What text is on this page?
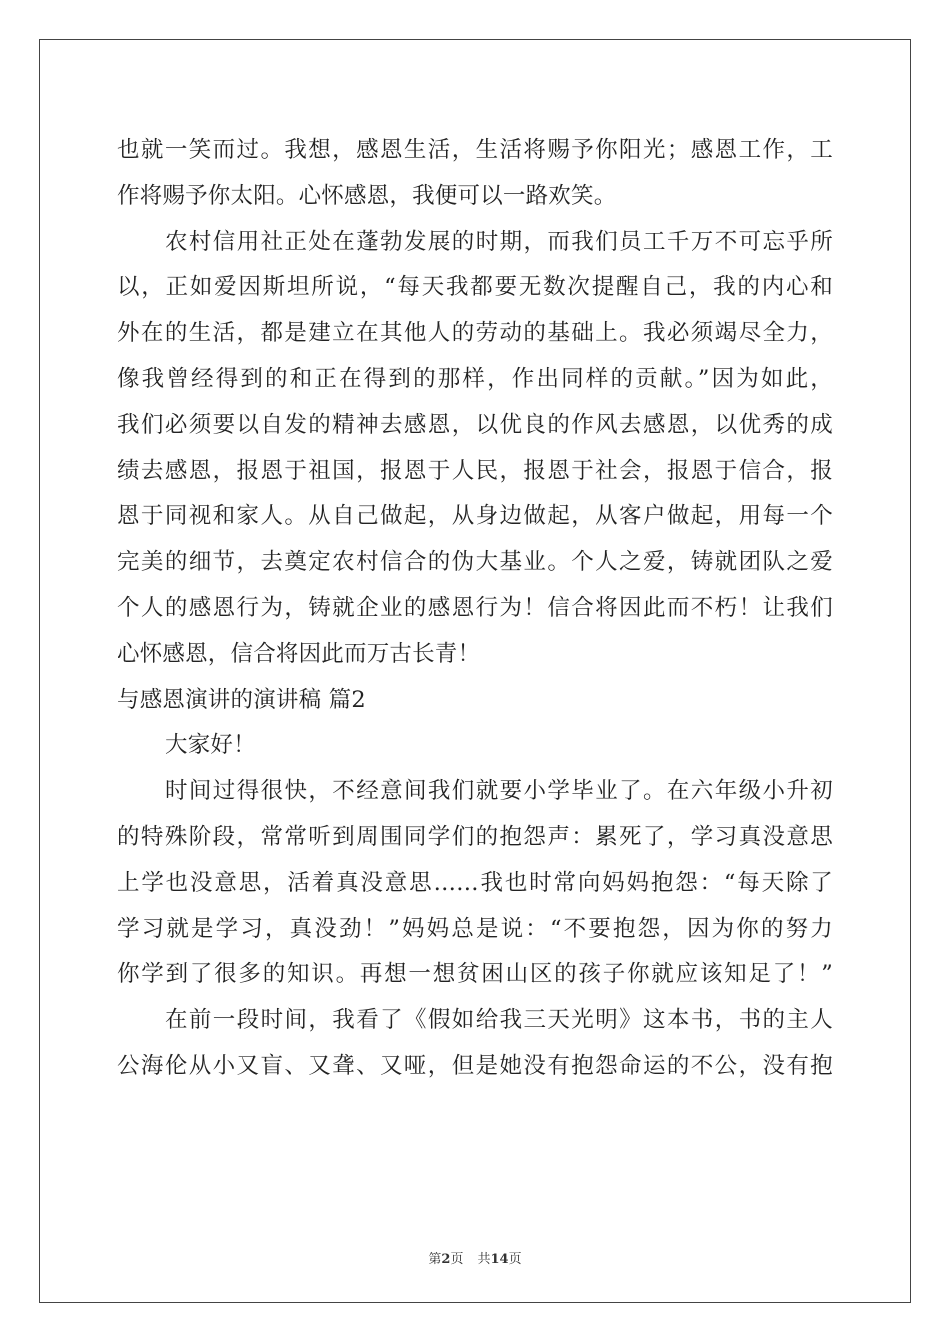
也就一笑而过。我想，感恩生活，生活将赐予你阳光；感恩工作，工
作将赐予你太阳。心怀感恩，我便可以一路欢笑。
农村信用社正处在蓬勃发展的时期，而我们员工千万不可忘乎所
以，正如爱因斯坦所说，“每天我都要无数次提醒自己，我的内心和
外在的生活，都是建立在其他人的劳动的基础上。我必须竭尽全力，
像我曾经得到的和正在得到的那样，作出同样的贡献。”因为如此，
我们必须要以自发的精神去感恩，以优良的作风去感恩，以优秀的成
绩去感恩，报恩于祖国，报恩于人民，报恩于社会，报恩于信合，报
恩于同视和家人。从自己做起，从身边做起，从客户做起，用每一个
完美的细节，去奠定农村信合的伪大基业。个人之爱，铸就团队之爱
个人的感恩行为，铸就企业的感恩行为！信合将因此而不朽！让我们
心怀感恩，信合将因此而万古长青！
与感恩演讲的演讲稿 篇2
大家好！
时间过得很快，不经意间我们就要小学毕业了。在六年级小升初
的特殊阶段，常常听到周围同学们的抱怨声：累死了，学习真没意思
上学也没意思，活着真没意思……我也时常向妈妈抱怨：“每天除了
学习就是学习，真没劲！”妈妈总是说：“不要抱怨，因为你的努力
你学到了很多的知识。再想一想贫困山区的孩子你就应该知足了！”
在前一段时间，我看了《假如给我三天光明》这本书，书的主人
公海伦从小又盲、又聋、又哑，但是她没有抱怨命运的不公，没有抱
第2页 共14页
